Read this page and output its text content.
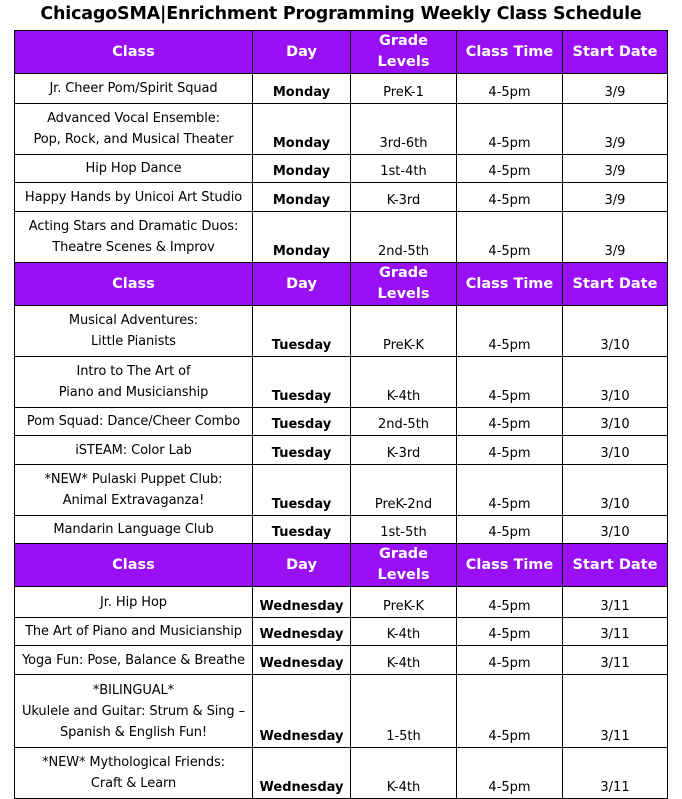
ChicagoSMA|Enrichment Programming Weekly Class Schedule
Class	Day	Grade Levels	Class Time	Start Date

Jr. Cheer Pom/Spirit Squad	Monday	PreK-1	4-5pm	3/9

Advanced Vocal Ensemble:
Pop, Rock, and Musical Theater	Monday	3rd-6th	4-5pm	3/9

Hip Hop Dance	Monday	1st-4th	4-5pm	3/9

Happy Hands by Unicoi Art Studio	Monday	K-3rd	4-5pm	3/9

Acting Stars and Dramatic Duos:
Theatre Scenes & Improv	Monday	2nd-5th	4-5pm	3/9
Class	Day	Grade Levels	Class Time	Start Date

Musical Adventures:
Little Pianists	Tuesday	PreK-K	4-5pm	3/10

Intro to The Art of
Piano and Musicianship	Tuesday	K-4th	4-5pm	3/10

Pom Squad: Dance/Cheer Combo	Tuesday	2nd-5th	4-5pm	3/10

iSTEAM: Color Lab	Tuesday	K-3rd	4-5pm	3/10

*NEW* Pulaski Puppet Club:
Animal Extravaganza!	Tuesday	PreK-2nd	4-5pm	3/10

Mandarin Language Club	Tuesday	1st-5th	4-5pm	3/10
Class	Day	Grade Levels	Class Time	Start Date

Jr. Hip Hop	Wednesday	PreK-K	4-5pm	3/11

The Art of Piano and Musicianship	Wednesday	K-4th	4-5pm	3/11

Yoga Fun: Pose, Balance & Breathe	Wednesday	K-4th	4-5pm	3/11

*BILINGUAL*
Ukulele and Guitar: Strum & Sing –
Spanish & English Fun!	Wednesday	1-5th	4-5pm	3/11

*NEW* Mythological Friends:
Craft & Learn	Wednesday	K-4th	4-5pm	3/11
